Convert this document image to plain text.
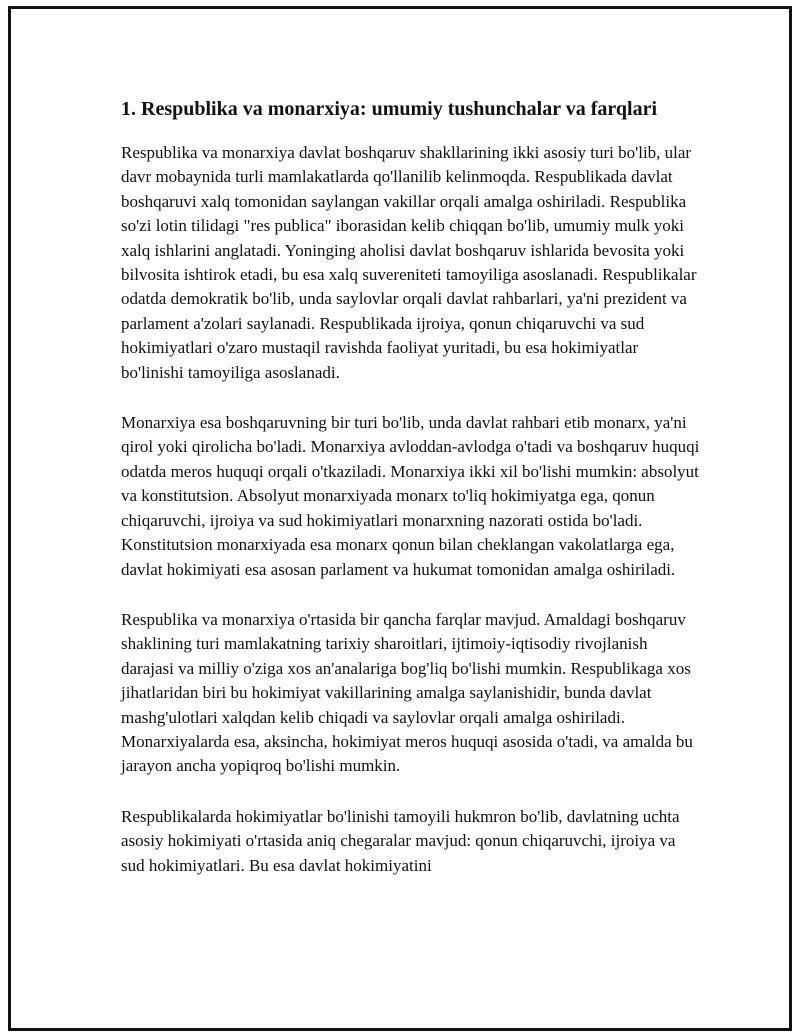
1. Respublika va monarxiya: umumiy tushunchalar va farqlari

Respublika va monarxiya davlat boshqaruv shakllarining ikki asosiy turi bo'lib, ular davr mobaynida turli mamlakatlarda qo'llanilib kelinmoqda. Respublikada davlat boshqaruvi xalq tomonidan saylangan vakillar orqali amalga oshiriladi. Respublika so'zi lotin tilidagi "res publica" iborasidan kelib chiqqan bo'lib, umumiy mulk yoki xalq ishlarini anglatadi. Yoninging aholisi davlat boshqaruv ishlarida bevosita yoki bilvosita ishtirok etadi, bu esa xalq suvereniteti tamoyiliga asoslanadi. Respublikalar odatda demokratik bo'lib, unda saylovlar orqali davlat rahbarlari, ya'ni prezident va parlament a'zolari saylanadi. Respublikada ijroiya, qonun chiqaruvchi va sud hokimiyatlari o'zaro mustaqil ravishda faoliyat yuritadi, bu esa hokimiyatlar bo'linishi tamoyiliga asoslanadi.

Monarxiya esa boshqaruvning bir turi bo'lib, unda davlat rahbari etib monarx, ya'ni qirol yoki qirolicha bo'ladi. Monarxiya avloddan-avlodga o'tadi va boshqaruv huquqi odatda meros huquqi orqali o'tkaziladi. Monarxiya ikki xil bo'lishi mumkin: absolyut va konstitutsion. Absolyut monarxiyada monarx to'liq hokimiyatga ega, qonun chiqaruvchi, ijroiya va sud hokimiyatlari monarxning nazorati ostida bo'ladi. Konstitutsion monarxiyada esa monarx qonun bilan cheklangan vakolatlarga ega, davlat hokimiyati esa asosan parlament va hukumat tomonidan amalga oshiriladi.

Respublika va monarxiya o'rtasida bir qancha farqlar mavjud. Amaldagi boshqaruv shaklining turi mamlakatning tarixiy sharoitlari, ijtimoiy-iqtisodiy rivojlanish darajasi va milliy o'ziga xos an'analariga bog'liq bo'lishi mumkin. Respublikaga xos jihatlaridan biri bu hokimiyat vakillarining amalga saylanishidir, bunda davlat mashg'ulotlari xalqdan kelib chiqadi va saylovlar orqali amalga oshiriladi. Monarxiyalarda esa, aksincha, hokimiyat meros huquqi asosida o'tadi, va amalda bu jarayon ancha yopiqroq bo'lishi mumkin.

Respublikalarda hokimiyatlar bo'linishi tamoyili hukmron bo'lib, davlatning uchta asosiy hokimiyati o'rtasida aniq chegaralar mavjud: qonun chiqaruvchi, ijroiya va sud hokimiyatlari. Bu esa davlat hokimiyatini
